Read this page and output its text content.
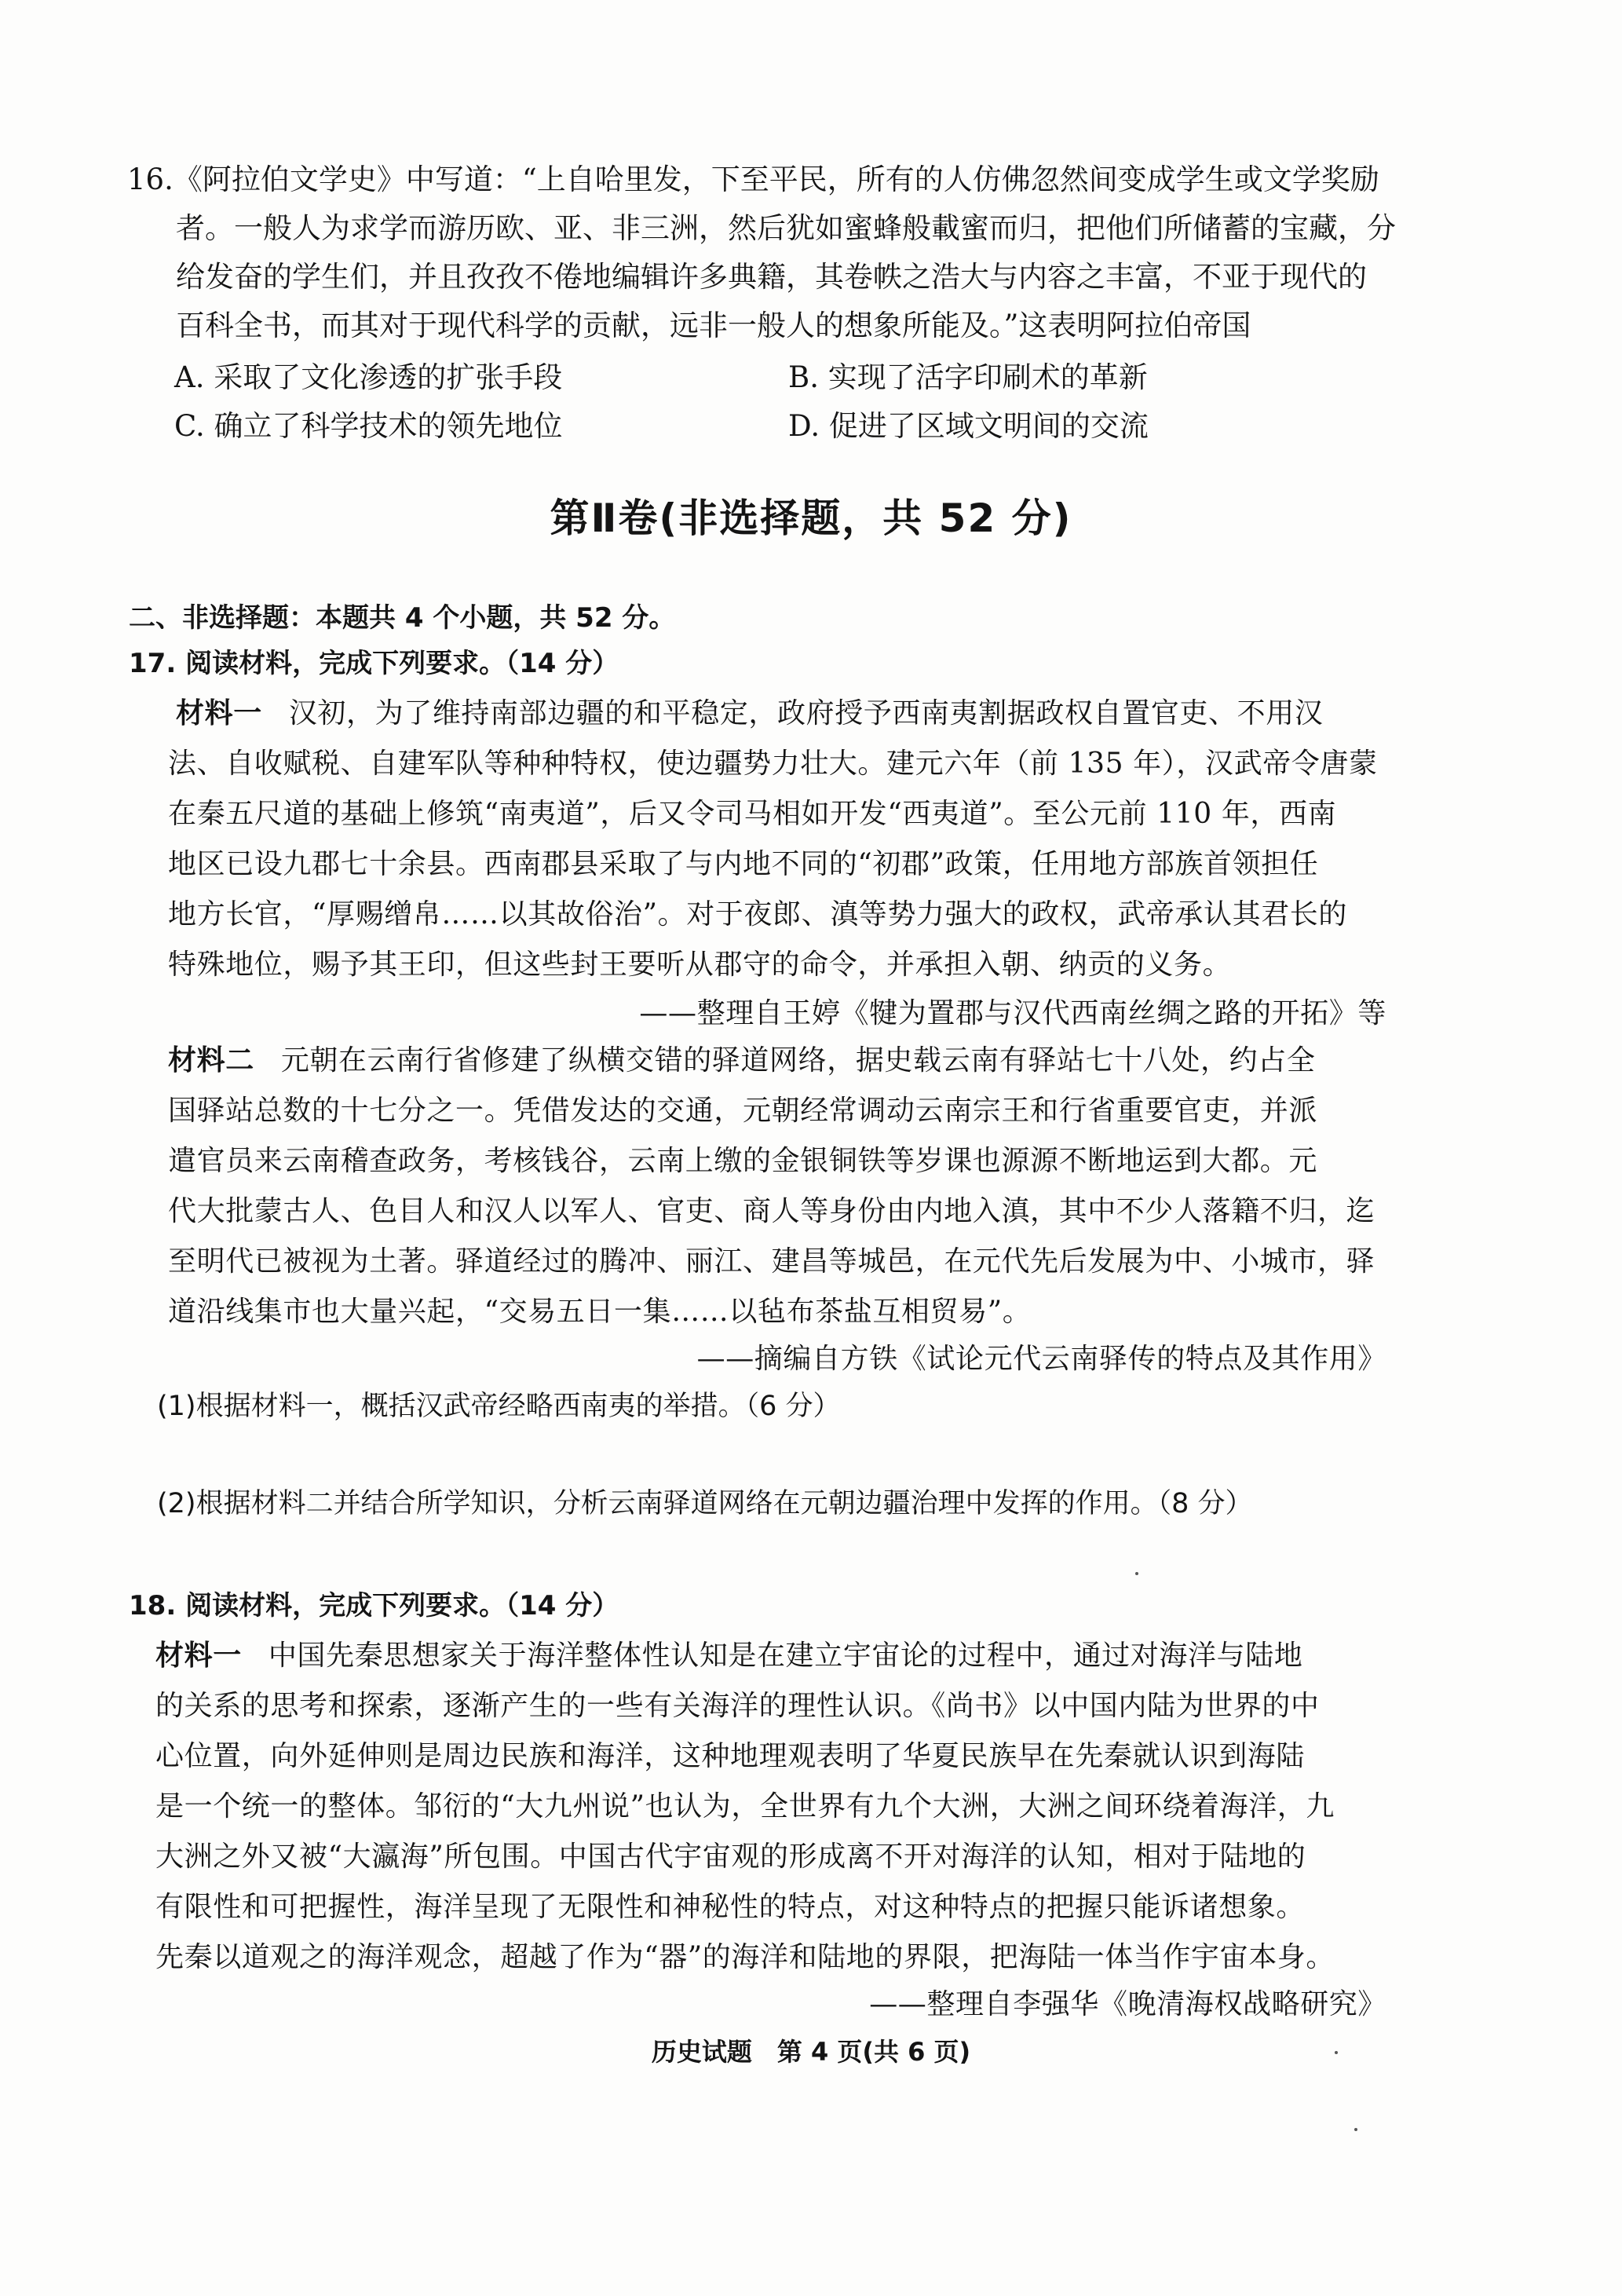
16.《阿拉伯文学史》中写道：“上自哈里发，下至平民，所有的人仿佛忽然间变成学生或文学奖励
者。一般人为求学而游历欧、亚、非三洲，然后犹如蜜蜂般載蜜而归，把他们所储蓄的宝藏，分
给发奋的学生们，并且孜孜不倦地编辑许多典籍，其卷帙之浩大与内容之丰富，不亚于现代的
百科全书，而其对于现代科学的贡献，远非一般人的想象所能及。”这表明阿拉伯帝国
A. 采取了文化渗透的扩张手段	B. 实现了活字印刷术的革新
C. 确立了科学技术的领先地位	D. 促进了区域文明间的交流
第Ⅱ卷(非选择题，共 52 分)
二、非选择题：本题共 4 个小题，共 52 分。
17. 阅读材料，完成下列要求。（14 分）
材料一 汉初，为了维持南部边疆的和平稳定，政府授予西南夷割据政权自置官吏、不用汉
法、自收赋税、自建军队等种种特权，使边疆势力壮大。建元六年（前 135 年），汉武帝令唐蒙
在秦五尺道的基础上修筑“南夷道”，后又令司马相如开发“西夷道”。至公元前 110 年，西南
地区已设九郡七十余县。西南郡县采取了与内地不同的“初郡”政策，任用地方部族首领担任
地方长官，“厚赐缯帛……以其故俗治”。对于夜郎、滇等势力强大的政权，武帝承认其君长的
特殊地位，赐予其王印，但这些封王要听从郡守的命令，并承担入朝、纳贡的义务。
——整理自王婷《犍为置郡与汉代西南丝绸之路的开拓》等
材料二 元朝在云南行省修建了纵横交错的驿道网络，据史载云南有驿站七十八处，约占全
国驿站总数的十七分之一。凭借发达的交通，元朝经常调动云南宗王和行省重要官吏，并派
遣官员来云南稽查政务，考核钱谷，云南上缴的金银铜铁等岁课也源源不断地运到大都。元
代大批蒙古人、色目人和汉人以军人、官吏、商人等身份由内地入滇，其中不少人落籍不归，迄
至明代已被视为土著。驿道经过的腾冲、丽江、建昌等城邑，在元代先后发展为中、小城市，驿
道沿线集市也大量兴起，“交易五日一集……以毡布茶盐互相贸易”。
——摘编自方铁《试论元代云南驿传的特点及其作用》
(1)根据材料一，概括汉武帝经略西南夷的举措。（6 分）
(2)根据材料二并结合所学知识，分析云南驿道网络在元朝边疆治理中发挥的作用。（8 分）
18. 阅读材料，完成下列要求。（14 分）
材料一 中国先秦思想家关于海洋整体性认知是在建立宇宙论的过程中，通过对海洋与陆地
的关系的思考和探索，逐渐产生的一些有关海洋的理性认识。《尚书》以中国内陆为世界的中
心位置，向外延伸则是周边民族和海洋，这种地理观表明了华夏民族早在先秦就认识到海陆
是一个统一的整体。邹衍的“大九州说”也认为，全世界有九个大洲，大洲之间环绕着海洋，九
大洲之外又被“大瀛海”所包围。中国古代宇宙观的形成离不开对海洋的认知，相对于陆地的
有限性和可把握性，海洋呈现了无限性和神秘性的特点，对这种特点的把握只能诉诸想象。
先秦以道观之的海洋观念，超越了作为“器”的海洋和陆地的界限，把海陆一体当作宇宙本身。
——整理自李强华《晚清海权战略研究》
历史试题　第 4 页(共 6 页)
